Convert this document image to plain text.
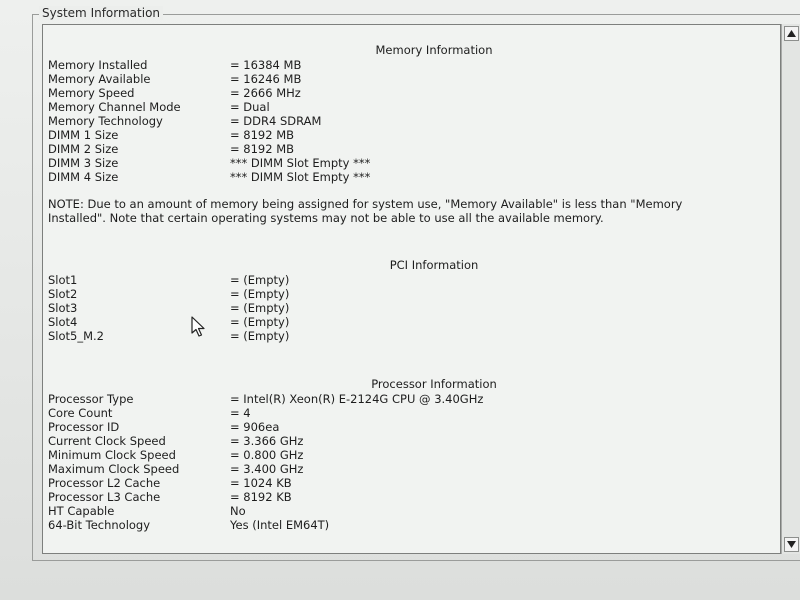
System Information
Memory Information
Memory Installed	= 16384 MB
Memory Available	= 16246 MB
Memory Speed	= 2666 MHz
Memory Channel Mode	= Dual
Memory Technology	= DDR4 SDRAM
DIMM 1 Size	= 8192 MB
DIMM 2 Size	= 8192 MB
DIMM 3 Size	*** DIMM Slot Empty ***
DIMM 4 Size	*** DIMM Slot Empty ***
NOTE: Due to an amount of memory being assigned for system use, "Memory Available" is less than "Memory Installed". Note that certain operating systems may not be able to use all the available memory.
PCI Information
Slot1	= (Empty)
Slot2	= (Empty)
Slot3	= (Empty)
Slot4	= (Empty)
Slot5_M.2	= (Empty)
Processor Information
Processor Type	= Intel(R) Xeon(R) E-2124G CPU @ 3.40GHz
Core Count	= 4
Processor ID	= 906ea
Current Clock Speed	= 3.366 GHz
Minimum Clock Speed	= 0.800 GHz
Maximum Clock Speed	= 3.400 GHz
Processor L2 Cache	= 1024 KB
Processor L3 Cache	= 8192 KB
HT Capable	No
64-Bit Technology	Yes (Intel EM64T)
